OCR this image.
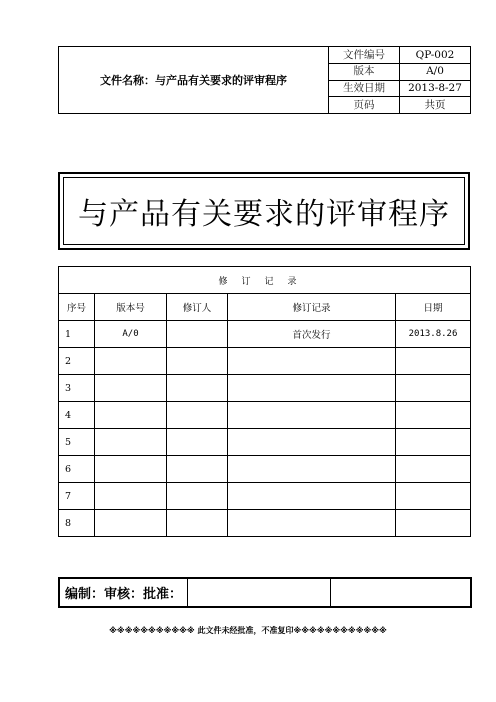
文件名称：与产品有关要求的评审程序	文件编号	QP-002
	版本	A/0
	生效日期	2013-8-27
	页码	共页
与产品有关要求的评审程序
修订记录				
序号	版本号	修订人	修订记录	日期
1	A/0		首次发行	2013.8.26
2				
3				
4				
5				
6				
7				
8				
编制：审核：批准：		
※※※※※※※※※※※ 此文件未经批准，不准复印※※※※※※※※※※※※
